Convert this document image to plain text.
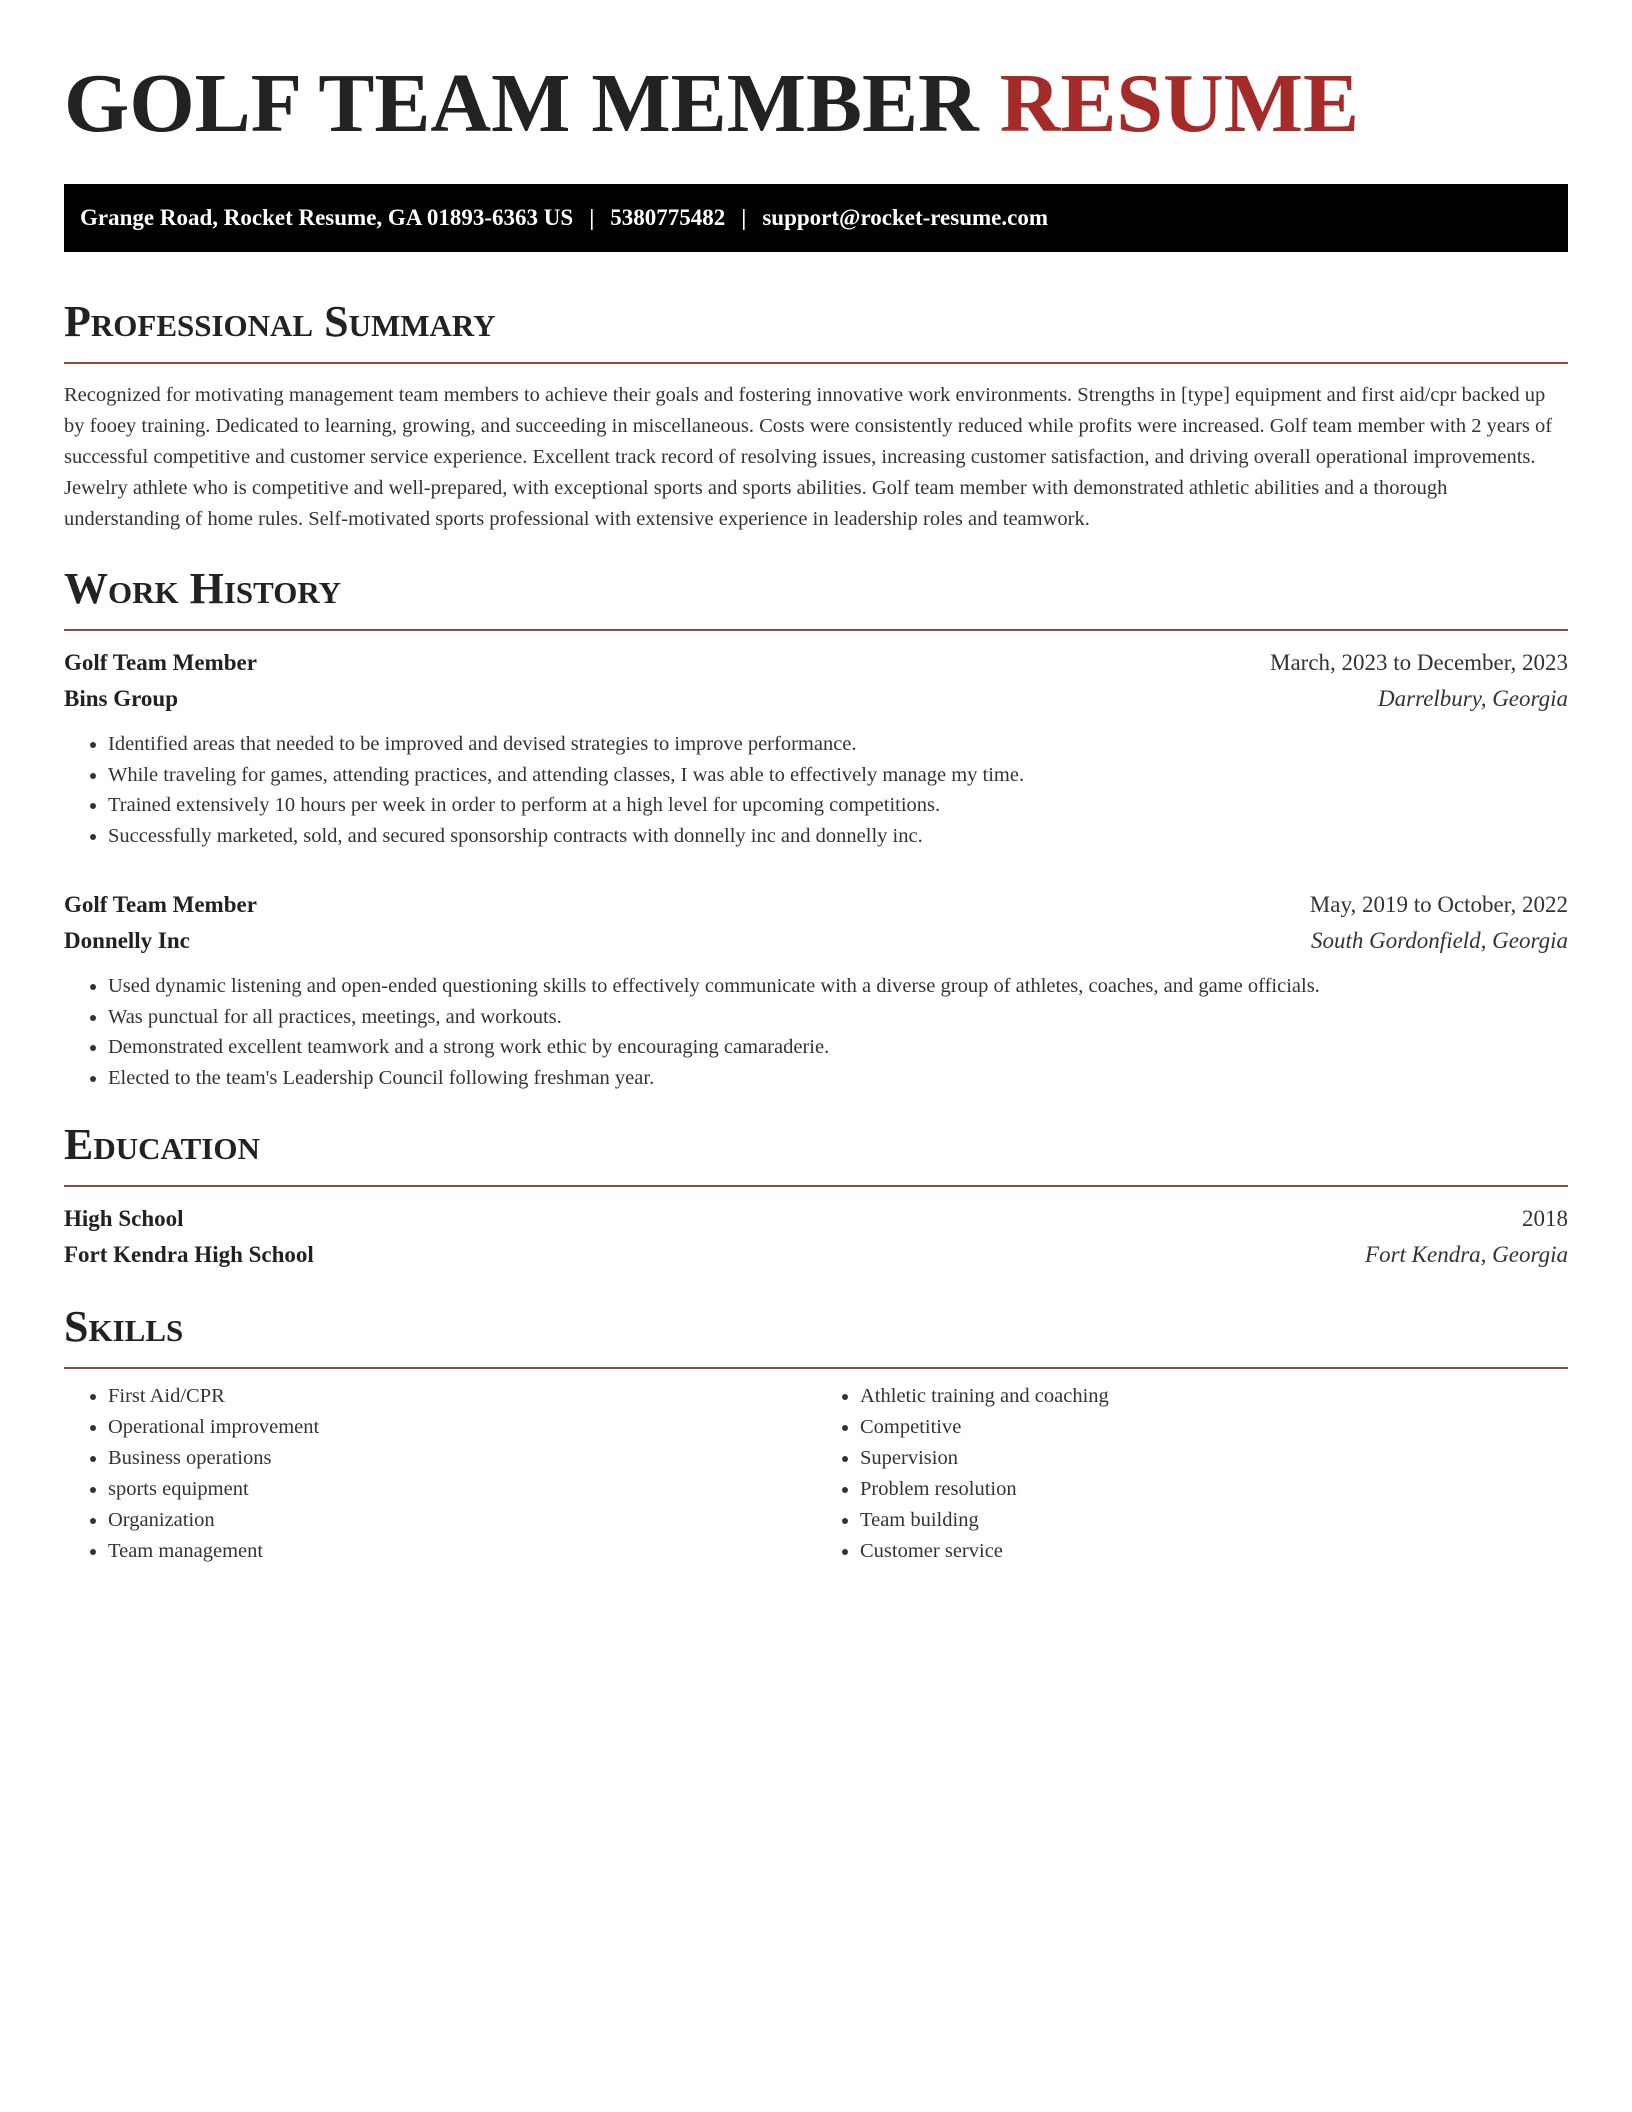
GOLF TEAM MEMBER RESUME
Grange Road, Rocket Resume, GA 01893-6363 US | 5380775482 | support@rocket-resume.com
Professional Summary

Recognized for motivating management team members to achieve their goals and fostering innovative work environments. Strengths in [type] equipment and first aid/cpr backed up by fooey training. Dedicated to learning, growing, and succeeding in miscellaneous. Costs were consistently reduced while profits were increased. Golf team member with 2 years of successful competitive and customer service experience. Excellent track record of resolving issues, increasing customer satisfaction, and driving overall operational improvements. Jewelry athlete who is competitive and well-prepared, with exceptional sports and sports abilities. Golf team member with demonstrated athletic abilities and a thorough understanding of home rules. Self-motivated sports professional with extensive experience in leadership roles and teamwork.

Work History
Golf Team Member	March, 2023 to December, 2023
Bins Group	Darrelbury, Georgia
• Identified areas that needed to be improved and devised strategies to improve performance.
• While traveling for games, attending practices, and attending classes, I was able to effectively manage my time.
• Trained extensively 10 hours per week in order to perform at a high level for upcoming competitions.
• Successfully marketed, sold, and secured sponsorship contracts with donnelly inc and donnelly inc.
Golf Team Member	May, 2019 to October, 2022
Donnelly Inc	South Gordonfield, Georgia
• Used dynamic listening and open-ended questioning skills to effectively communicate with a diverse group of athletes, coaches, and game officials.
• Was punctual for all practices, meetings, and workouts.
• Demonstrated excellent teamwork and a strong work ethic by encouraging camaraderie.
• Elected to the team's Leadership Council following freshman year.
Education
High School	2018
Fort Kendra High School	Fort Kendra, Georgia
Skills
• First Aid/CPR
• Operational improvement
• Business operations
• sports equipment
• Organization
• Team management
• Athletic training and coaching
• Competitive
• Supervision
• Problem resolution
• Team building
• Customer service
